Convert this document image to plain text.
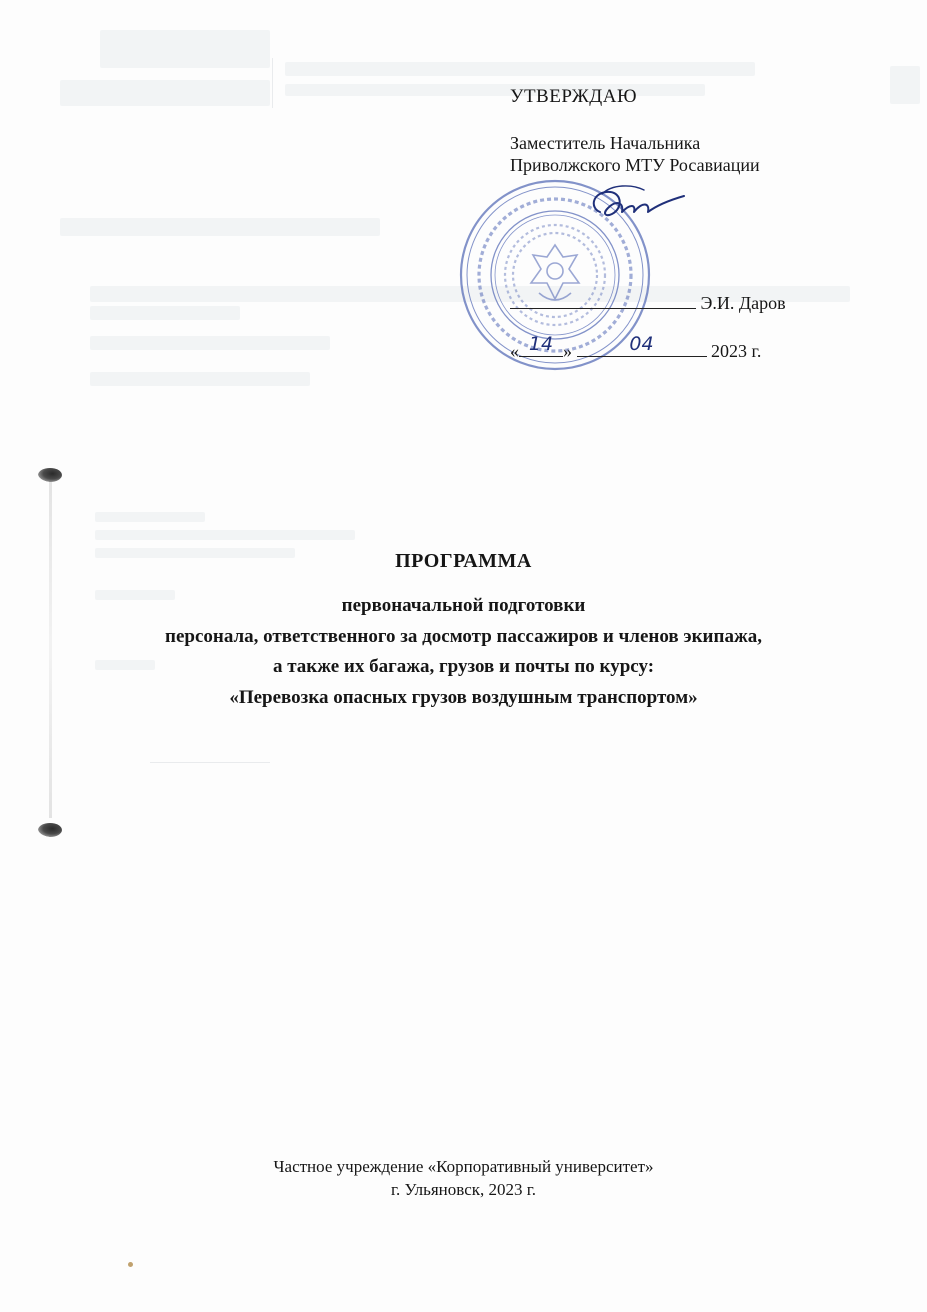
УТВЕРЖДАЮ
Заместитель Начальника
Приволжского МТУ Росавиации
Э.И. Даров
« 14 »	04	2023 г.
ПРОГРАММА
первоначальной подготовки
персонала, ответственного за досмотр пассажиров и членов экипажа,
а также их багажа, грузов и почты по курсу:
«Перевозка опасных грузов воздушным транспортом»
Частное учреждение «Корпоративный университет»
г. Ульяновск, 2023 г.
